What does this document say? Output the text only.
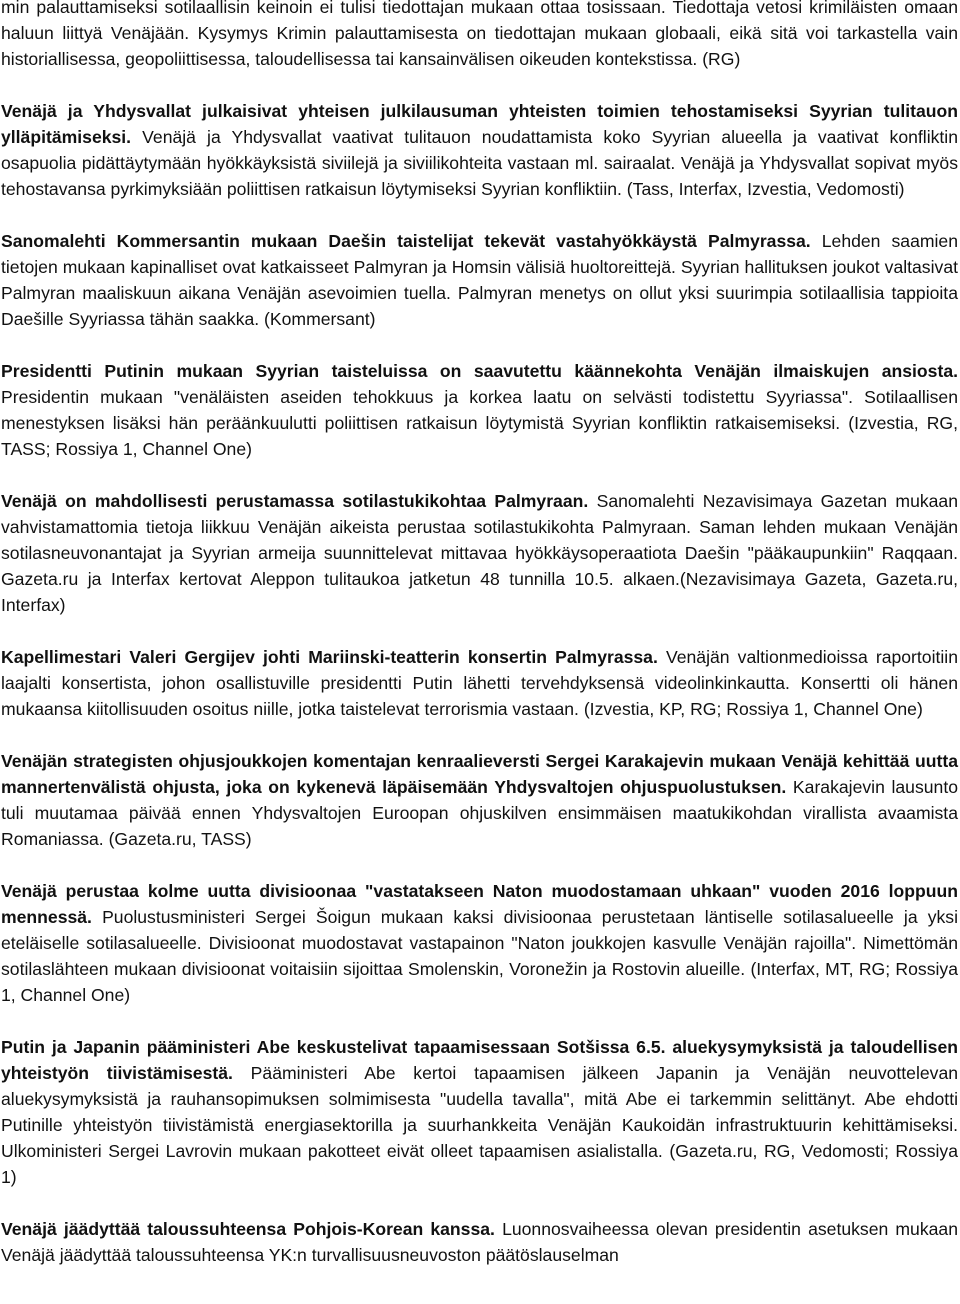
min palauttamiseksi sotilaallisin keinoin ei tulisi tiedottajan mukaan ottaa tosissaan. Tiedottaja vetosi krimiläisten omaan haluun liittyä Venäjään. Kysymys Krimin palauttamisesta on tiedottajan mukaan globaali, eikä sitä voi tarkastella vain historiallisessa, geopoliittisessa, taloudellisessa tai kansainvälisen oikeuden kontekstissa. (RG)

Venäjä ja Yhdysvallat julkaisivat yhteisen julkilausuman yhteisten toimien tehostamiseksi Syyrian tulitauon ylläpitämiseksi. Venäjä ja Yhdysvallat vaativat tulitauon noudattamista koko Syyrian alueella ja vaativat konfliktin osapuolia pidättäytymään hyökkäyksistä siviilejä ja siviilikohteita vastaan ml. sairaalat. Venäjä ja Yhdysvallat sopivat myös tehostavansa pyrkimyksiään poliittisen ratkaisun löytymiseksi Syyrian konfliktiin. (Tass, Interfax, Izvestia, Vedomosti)

Sanomalehti Kommersantin mukaan Daešin taistelijat tekevät vastahyökkäystä Palmyrassa. Lehden saamien tietojen mukaan kapinalliset ovat katkaisseet Palmyran ja Homsin välisiä huoltoreittejä. Syyrian hallituksen joukot valtasivat Palmyran maaliskuun aikana Venäjän asevoimien tuella. Palmyran menetys on ollut yksi suurimpia sotilaallisia tappioita Daešille Syyriassa tähän saakka. (Kommersant)

Presidentti Putinin mukaan Syyrian taisteluissa on saavutettu käännekohta Venäjän ilmaiskujen ansiosta. Presidentin mukaan "venäläisten aseiden tehokkuus ja korkea laatu on selvästi todistettu Syyriassa". Sotilaallisen menestyksen lisäksi hän peräänkuulutti poliittisen ratkaisun löytymistä Syyrian konfliktin ratkaisemiseksi. (Izvestia, RG, TASS; Rossiya 1, Channel One)

Venäjä on mahdollisesti perustamassa sotilastukikohtaa Palmyraan. Sanomalehti Nezavisimaya Gazetan mukaan vahvistamattomia tietoja liikkuu Venäjän aikeista perustaa sotilastukikohta Palmyraan. Saman lehden mukaan Venäjän sotilasneuvonantajat ja Syyrian armeija suunnittelevat mittavaa hyökkäysoperaatiota Daešin "pääkaupunkiin" Raqqaan. Gazeta.ru ja Interfax kertovat Aleppon tulitaukoa jatketun 48 tunnilla 10.5. alkaen.(Nezavisimaya Gazeta, Gazeta.ru, Interfax)

Kapellimestari Valeri Gergijev johti Mariinski-teatterin konsertin Palmyrassa. Venäjän valtionmedioissa raportoitiin laajalti konsertista, johon osallistuville presidentti Putin lähetti tervehdyksensä videolinkinkautta. Konsertti oli hänen mukaansa kiitollisuuden osoitus niille, jotka taistelevat terrorismia vastaan. (Izvestia, KP, RG; Rossiya 1, Channel One)

Venäjän strategisten ohjusjoukkojen komentajan kenraalieversti Sergei Karakajevin mukaan Venäjä kehittää uutta mannertenvälistä ohjusta, joka on kykenevä läpäisemään Yhdysvaltojen ohjuspuolustuksen. Karakajevin lausunto tuli muutamaa päivää ennen Yhdysvaltojen Euroopan ohjuskilven ensimmäisen maatukikohdan virallista avaamista Romaniassa. (Gazeta.ru, TASS)

Venäjä perustaa kolme uutta divisioonaa "vastatakseen Naton muodostamaan uhkaan" vuoden 2016 loppuun mennessä. Puolustusministeri Sergei Šoigun mukaan kaksi divisioonaa perustetaan läntiselle sotilasalueelle ja yksi eteläiselle sotilasalueelle. Divisioonat muodostavat vastapainon "Naton joukkojen kasvulle Venäjän rajoilla". Nimettömän sotilaslähteen mukaan divisioonat voitaisiin sijoittaa Smolenskin, Voronežin ja Rostovin alueille. (Interfax, MT, RG; Rossiya 1, Channel One)

Putin ja Japanin pääministeri Abe keskustelivat tapaamisessaan Sotšissa 6.5. aluekysymyksistä ja taloudellisen yhteistyön tiivistämisestä. Pääministeri Abe kertoi tapaamisen jälkeen Japanin ja Venäjän neuvottelevan aluekysymyksistä ja rauhansopimuksen solmimisesta "uudella tavalla", mitä Abe ei tarkemmin selittänyt. Abe ehdotti Putinille yhteistyön tiivistämistä energiasektorilla ja suurhankkeita Venäjän Kaukoidän infrastruktuurin kehittämiseksi. Ulkoministeri Sergei Lavrovin mukaan pakotteet eivät olleet tapaamisen asialistalla. (Gazeta.ru, RG, Vedomosti; Rossiya 1)

Venäjä jäädyttää taloussuhteensa Pohjois-Korean kanssa. Luonnosvaiheessa olevan presidentin asetuksen mukaan Venäjä jäädyttää taloussuhteensa YK:n turvallisuusneuvoston päätöslauselman
